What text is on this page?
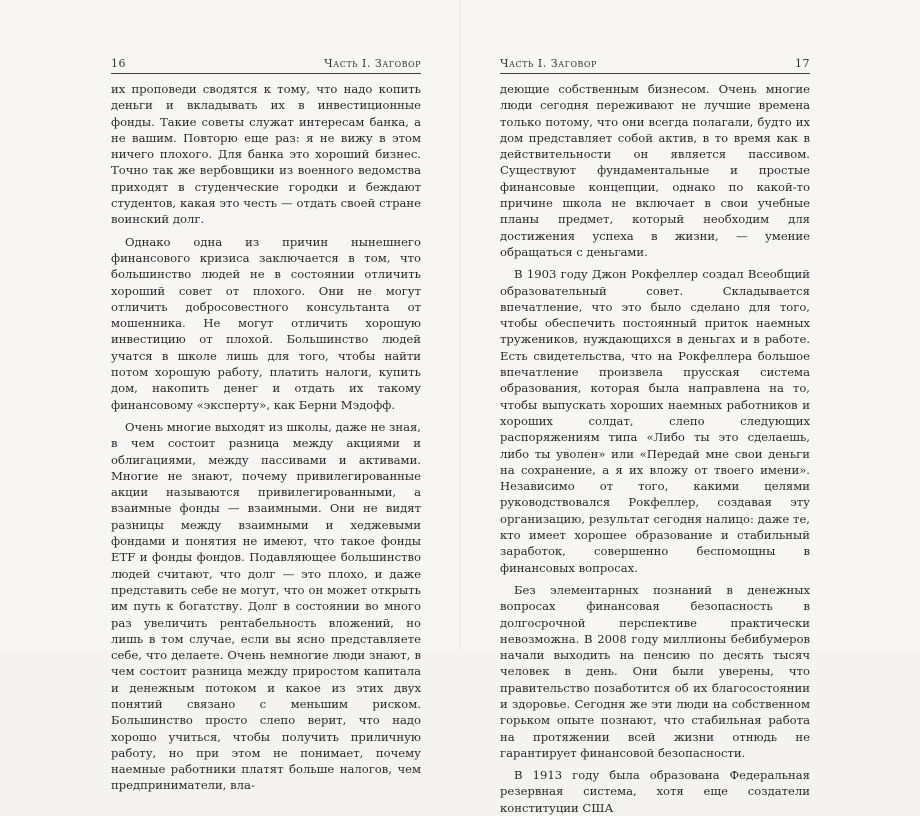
16	Часть I. Заговор

их проповеди сводятся к тому, что надо копить деньги и вкладывать их в инвестиционные фонды. Такие советы служат интересам банка, а не вашим. Повторю еще раз: я не вижу в этом ничего плохого. Для банка это хороший бизнес. Точно так же вербовщики из военного ведомства приходят в студенческие городки и беждают студентов, какая это честь — отдать своей стране воинский долг.

Однако одна из причин нынешнего финансового кризиса заключается в том, что большинство людей не в состоянии отличить хороший совет от плохого. Они не могут отличить добросовестного консультанта от мошенника. Не могут отличить хорошую инвестицию от плохой. Большинство людей учатся в школе лишь для того, чтобы найти потом хорошую работу, платить налоги, купить дом, накопить денег и отдать их такому финансовому «эксперту», как Берни Мэдофф.

Очень многие выходят из школы, даже не зная, в чем состоит разница между акциями и облигациями, между пассивами и активами. Многие не знают, почему привилегированные акции называются привилегированными, а взаимные фонды — взаимными. Они не видят разницы между взаимными и хеджевыми фондами и понятия не имеют, что такое фонды ETF и фонды фондов. Подавляющее большинство людей считают, что долг — это плохо, и даже представить себе не могут, что он может открыть им путь к богатству. Долг в состоянии во много раз увеличить рентабельность вложений, но лишь в том случае, если вы ясно представляете себе, что делаете. Очень немногие люди знают, в чем состоит разница между приростом капитала и денежным потоком и какое из этих двух понятий связано с меньшим риском. Большинство просто слепо верит, что надо хорошо учиться, чтобы получить приличную работу, но при этом не понимает, почему наемные работники платят больше налогов, чем предприниматели, вла-

Часть I. Заговор	17

деющие собственным бизнесом. Очень многие люди сегодня переживают не лучшие времена только потому, что они всегда полагали, будто их дом представляет собой актив, в то время как в действительности он является пассивом. Существуют фундаментальные и простые финансовые концепции, однако по какой-то причине школа не включает в свои учебные планы предмет, который необходим для достижения успеха в жизни, — умение обращаться с деньгами.

В 1903 году Джон Рокфеллер создал Всеобщий образовательный совет. Складывается впечатление, что это было сделано для того, чтобы обеспечить постоянный приток наемных тружеников, нуждающихся в деньгах и в работе. Есть свидетельства, что на Рокфеллера большое впечатление произвела прусская система образования, которая была направлена на то, чтобы выпускать хороших наемных работников и хороших солдат, слепо следующих распоряжениям типа «Либо ты это сделаешь, либо ты уволен» или «Передай мне свои деньги на сохранение, а я их вложу от твоего имени». Независимо от того, какими целями руководствовался Рокфеллер, создавая эту организацию, результат сегодня налицо: даже те, кто имеет хорошее образование и стабильный заработок, совершенно беспомощны в финансовых вопросах.

Без элементарных познаний в денежных вопросах финансовая безопасность в долгосрочной перспективе практически невозможна. В 2008 году миллионы бебибумеров начали выходить на пенсию по десять тысяч человек в день. Они были уверены, что правительство позаботится об их благосостоянии и здоровье. Сегодня же эти люди на собственном горьком опыте познают, что стабильная работа на протяжении всей жизни отнюдь не гарантирует финансовой безопасности.

В 1913 году была образована Федеральная резервная система, хотя еще создатели конституции США
